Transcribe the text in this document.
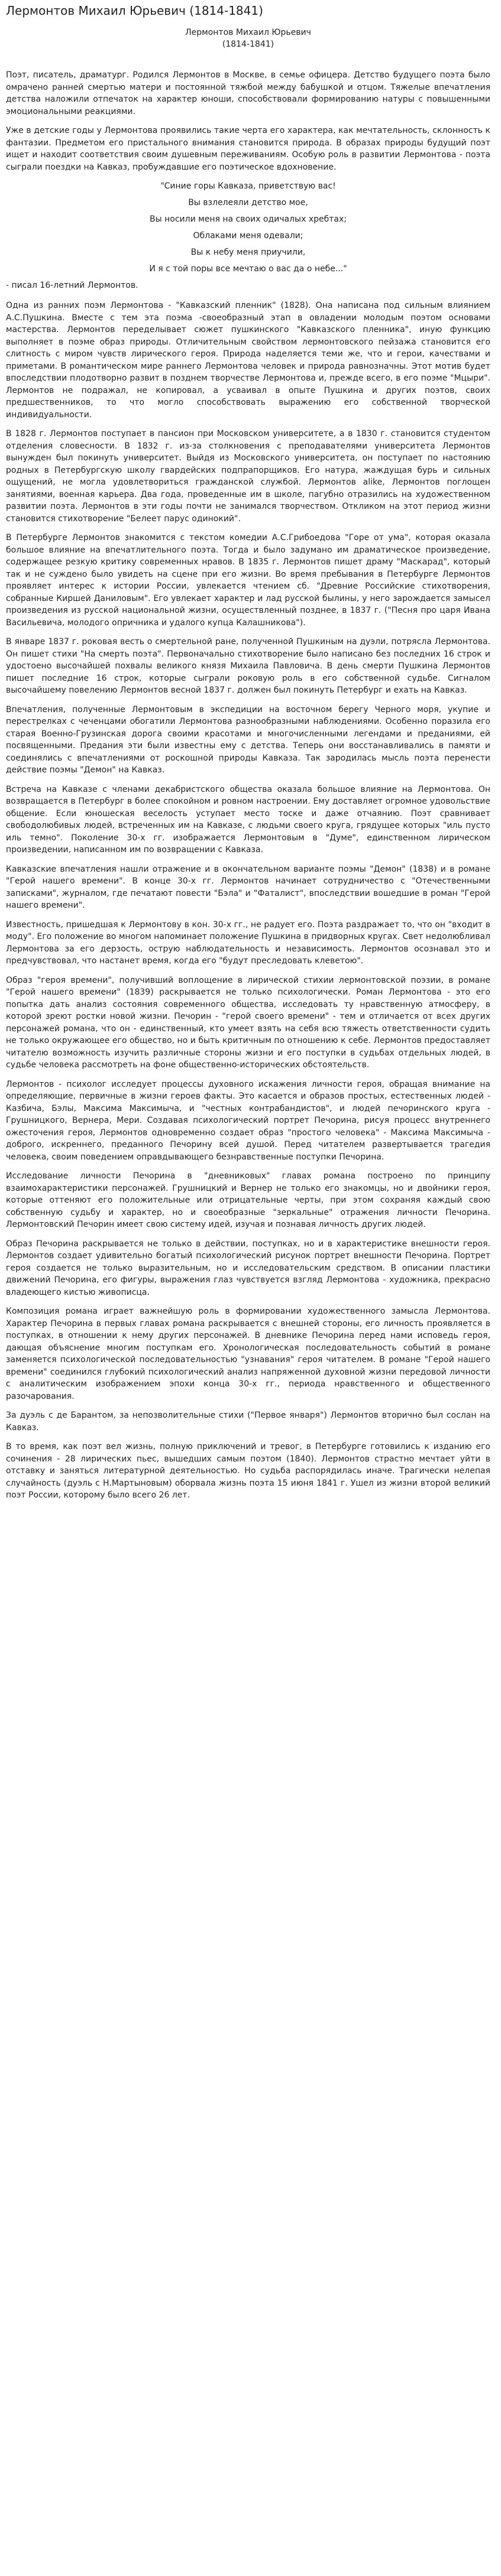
Лермонтов Михаил Юрьевич (1814-1841)

Лермонтов Михаил Юрьевич

(1814-1841)

Поэт, писатель, драматург. Родился Лермонтов в Москве, в семье офицера. Детство будущего поэта было омрачено ранней смертью матери и постоянной тяжбой между бабушкой и отцом. Тяжелые впечатления детства наложили отпечаток на характер юноши, способствовали формированию натуры с повышенными эмоциональными реакциями.

Уже в детские годы у Лермонтова проявились такие черта его характера, как мечтательность, склонность к фантазии. Предметом его пристального внимания становится природа. В образах природы будущий поэт ищет и находит соответствия своим душевным переживаниям. Особую роль в развитии Лермонтова - поэта сыграли поездки на Кавказ, пробуждавшие его поэтическое вдохновение.

"Синие горы Кавказа, приветствую вас!

Вы взлелеяли детство мое,

Вы носили меня на своих одичалых хребтах;

Облаками меня одевали;

Вы к небу меня приучили,

И я с той поры все мечтаю о вас да о небе..."

- писал 16-летний Лермонтов.

Одна из ранних поэм Лермонтова - "Кавказский пленник" (1828). Она написана под сильным влиянием А.С.Пушкина. Вместе с тем эта поэма -своеобразный этап в овладении молодым поэтом основами мастерства. Лермонтов переделывает сюжет пушкинского "Кавказского пленника", иную функцию выполняет в поэме образ природы. Отличительным свойством лермонтовского пейзажа становится его слитность с миром чувств лирического героя. Природа наделяется теми же, что и герои, качествами и приметами. В романтическом мире раннего Лермонтова человек и природа равнозначны. Этот мотив будет впоследствии плодотворно развит в позднем творчестве Лермонтова и, прежде всего, в его поэме "Мцыри". Лермонтов не подражал, не копировал, а усваивал в опыте Пушкина и других поэтов, своих предшественников, то что могло способствовать выражению его собственной творческой индивидуальности.

В 1828 г. Лермонтов поступает в пансион при Московском университете, а в 1830 г. становится студентом отделения словесности. В 1832 г. из-за столкновения с преподавателями университета Лермонтов вынужден был покинуть университет. Выйдя из Московского университета, он поступает по настоянию родных в Петербургскую школу гвардейских подпрапорщиков. Его натура, жаждущая бурь и сильных ощущений, не могла удовлетвориться гражданской службой. Лермонтов alike, Лермонтов поглощен занятиями, военная карьера. Два года, проведенные им в школе, пагубно отразились на художественном развитии поэта. Лермонтов в эти годы почти не занимался творчеством. Откликом на этот период жизни становится стихотворение "Белеет парус одинокий".

В Петербурге Лермонтов знакомится с текстом комедии А.С.Грибоедова "Горе от ума", которая оказала большое влияние на впечатлительного поэта. Тогда и было задумано им драматическое произведение, содержащее резкую критику современных нравов. В 1835 г. Лермонтов пишет драму "Маскарад", который так и не суждено было увидеть на сцене при его жизни. Во время пребывания в Петербурге Лермонтов проявляет интерес к истории России, увлекается чтением сб. "Древние Российские стихотворения, собранные Киршей Даниловым". Его увлекает характер и лад русской былины, у него зарождается замысел произведения из русской национальной жизни, осуществленный позднее, в 1837 г. ("Песня про царя Ивана Васильевича, молодого опричника и удалого купца Калашникова").

В январе 1837 г. роковая весть о смертельной ране, полученной Пушкиным на дуэли, потрясла Лермонтова. Он пишет стихи "На смерть поэта". Первоначально стихотворение было написано без последних 16 строк и удостоено высочайшей похвалы великого князя Михаила Павловича. В день смерти Пушкина Лермонтов пишет последние 16 строк, которые сыграли роковую роль в его собственной судьбе. Сигналом высочайшему повелению Лермонтов весной 1837 г. должен был покинуть Петербург и ехать на Кавказ.

Впечатления, полученные Лермонтовым в экспедиции на восточном берегу Черного моря, укупие и перестрелках с чеченцами обогатили Лермонтова разнообразными наблюдениями. Особенно поразила его старая Военно-Грузинская дорога своими красотами и многочисленными легендами и преданиями, ей посвященными. Предания эти были известны ему с детства. Теперь они восстанавливались в памяти и соединялись с впечатлениями от роскошной природы Кавказа. Так зародилась мысль поэта перенести действие поэмы "Демон" на Кавказ.

Встреча на Кавказе с членами декабристского общества оказала большое влияние на Лермонтова. Он возвращается в Петербург в более спокойном и ровном настроении. Ему доставляет огромное удовольствие общение. Если юношеская веселость уступает место тоске и даже отчаянию. Поэт сравнивает свободолюбивых людей, встреченных им на Кавказе, с людьми своего круга, грядущее которых "иль пусто иль темно". Поколение 30-х гг. изображается Лермонтовым в "Думе", единственном лирическом произведении, написанном им по возвращении с Кавказа.

Кавказские впечатления нашли отражение и в окончательном варианте поэмы "Демон" (1838) и в романе "Герой нашего времени". В конце 30-х гг. Лермонтов начинает сотрудничество с "Отечественными записками", журналом, где печатают повести "Бэла" и "Фаталист", впоследствии вошедшие в роман "Герой нашего времени".

Известность, пришедшая к Лермонтову в кон. 30-х гг., не радует его. Поэта раздражает то, что он "входит в моду". Его положение во многом напоминает положение Пушкина в придворных кругах. Свет недолюбливал Лермонтова за его дерзость, острую наблюдательность и независимость. Лермонтов осознавал это и предчувствовал, что настанет время, когда его "будут преследовать клеветою".

Образ "героя времени", получивший воплощение в лирической стихии лермонтовской поэзии, в романе "Герой нашего времени" (1839) раскрывается не только психологически. Роман Лермонтова - это его попытка дать анализ состояния современного общества, исследовать ту нравственную атмосферу, в которой зреют ростки новой жизни. Печорин - "герой своего времени" - тем и отличается от всех других персонажей романа, что он - единственный, кто умеет взять на себя всю тяжесть ответственности судить не только окружающее его общество, но и быть критичным по отношению к себе. Лермонтов предоставляет читателю возможность изучить различные стороны жизни и его поступки в судьбах отдельных людей, в судьбе человека рассмотреть на фоне общественно-исторических обстоятельств.

Лермонтов - психолог исследует процессы духовного искажения личности героя, обращая внимание на определяющие, первичные в жизни героев факты. Это касается и образов простых, естественных людей - Казбича, Бэлы, Максима Максимыча, и "честных контрабандистов", и людей печоринского круга - Грушницкого, Вернера, Мери. Создавая психологический портрет Печорина, рисуя процесс внутреннего ожесточения героя, Лермонтов одновременно создает образ "простого человека" - Максима Максимыча - доброго, искреннего, преданного Печорину всей душой. Перед читателем развертывается трагедия человека, своим поведением оправдывающего безнравственные поступки Печорина.

Исследование личности Печорина в "дневниковых" главах романа построено по принципу взаимохарактеристики персонажей. Грушницкий и Вернер не только его знакомцы, но и двойники героя, которые оттеняют его положительные или отрицательные черты, при этом сохраняя каждый свою собственную судьбу и характер, но и своеобразные "зеркальные" отражения личности Печорина. Лермонтовский Печорин имеет свою систему идей, изучая и познавая личность других людей.

Образ Печорина раскрывается не только в действии, поступках, но и в характеристике внешности героя. Лермонтов создает удивительно богатый психологический рисунок портрет внешности Печорина. Портрет героя создается не только выразительным, но и исследовательским средством. В описании пластики движений Печорина, его фигуры, выражения глаз чувствуется взгляд Лермонтова - художника, прекрасно владеющего кистью живописца.

Композиция романа играет важнейшую роль в формировании художественного замысла Лермонтова. Характер Печорина в первых главах романа раскрывается с внешней стороны, его личность проявляется в поступках, в отношении к нему других персонажей. В дневнике Печорина перед нами исповедь героя, дающая объяснение многим поступкам его. Хронологическая последовательность событий в романе заменяется психологической последовательностью "узнавания" героя читателем. В романе "Герой нашего времени" соединился глубокий психологический анализ напряженной духовной жизни передовой личности с аналитическим изображением эпохи конца 30-х гг., периода нравственного и общественного разочарования.

За дуэль с де Барантом, за непозволительные стихи ("Первое января") Лермонтов вторично был сослан на Кавказ.

В то время, как поэт вел жизнь, полную приключений и тревог, в Петербурге готовились к изданию его сочинения - 28 лирических пьес, вышедших самым поэтом (1840). Лермонтов страстно мечтает уйти в отставку и заняться литературной деятельностью. Но судьба распорядилась иначе. Трагически нелепая случайность (дуэль с Н.Мартыновым) оборвала жизнь поэта 15 июня 1841 г. Ушел из жизни второй великий поэт России, которому было всего 26 лет.
